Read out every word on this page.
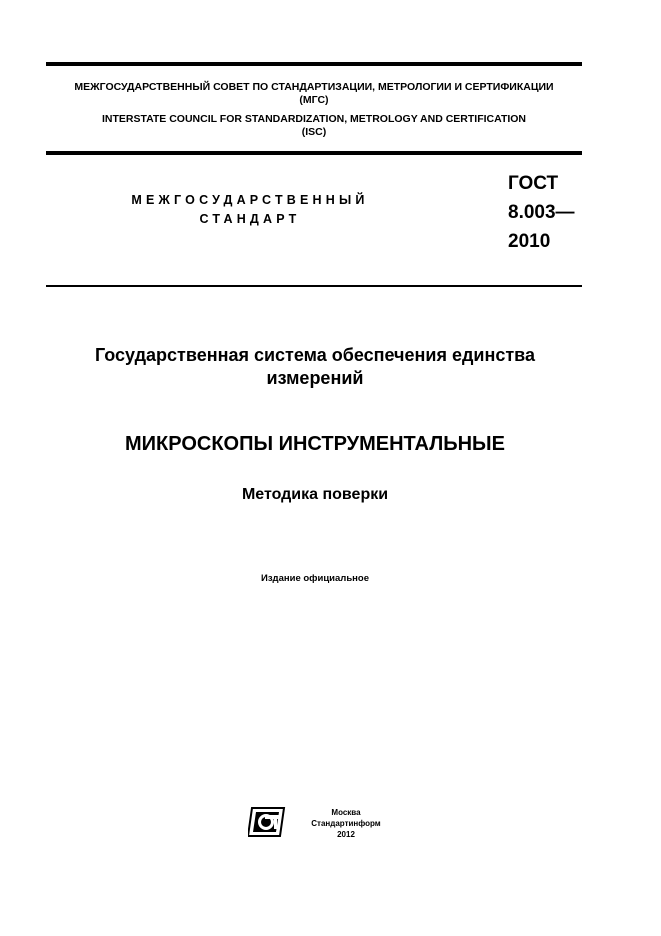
МЕЖГОСУДАРСТВЕННЫЙ СОВЕТ ПО СТАНДАРТИЗАЦИИ, МЕТРОЛОГИИ И СЕРТИФИКАЦИИ
(МГС)
INTERSTATE COUNCIL FOR STANDARDIZATION, METROLOGY AND CERTIFICATION
(ISC)
МЕЖГОСУДАРСТВЕННЫЙ
СТАНДАРТ
ГОСТ
8.003—
2010
Государственная система обеспечения единства
измерений
МИКРОСКОПЫ ИНСТРУМЕНТАЛЬНЫЕ
Методика поверки
Издание официальное
Москва
Стандартинформ
2012
